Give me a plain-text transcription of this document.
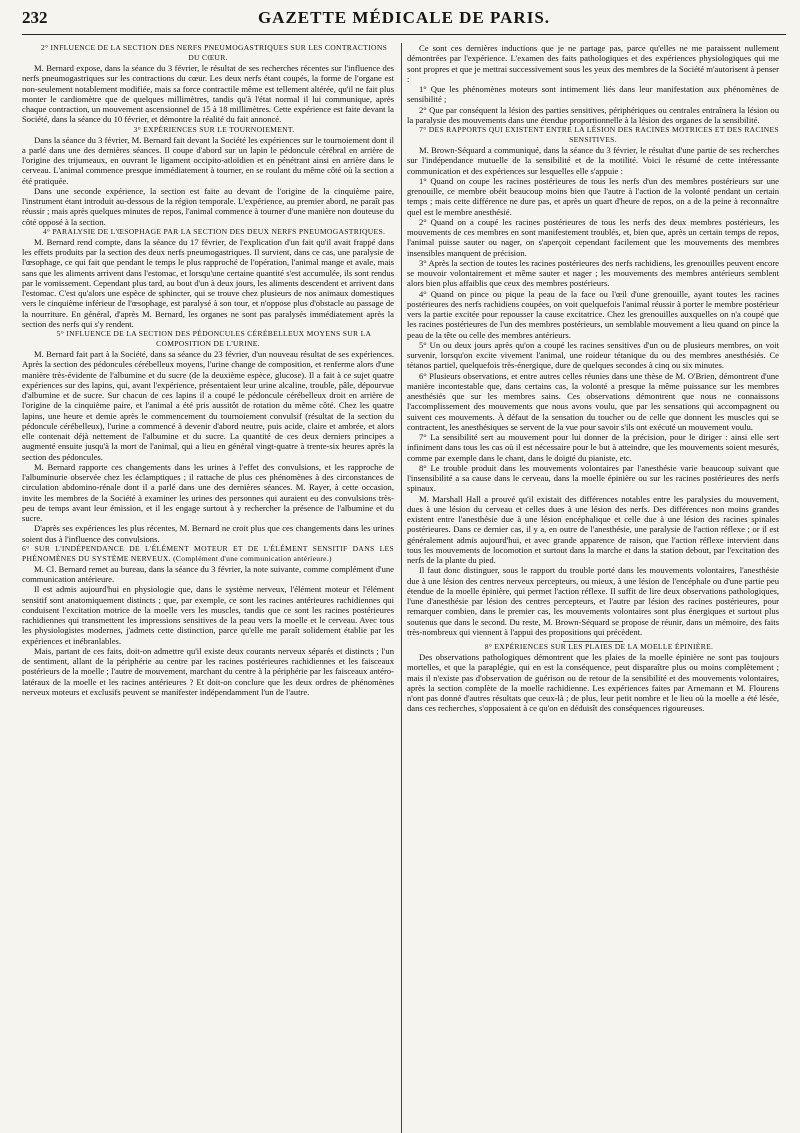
232	GAZETTE MÉDICALE DE PARIS.

2° INFLUENCE DE LA SECTION DES NERFS PNEUMOGASTRIQUES SUR LES CONTRACTIONS DU CŒUR.

M. Bernard expose, dans la séance du 3 février, le résultat de ses recherches récentes sur l'influence des nerfs pneumogastriques sur les contractions du cœur. Les deux nerfs étant coupés, la forme de l'organe est non-seulement notablement modifiée, mais sa force contractile même est tellement altérée, qu'il ne fait plus monter le cardiomètre que de quelques millimètres, tandis qu'à l'état normal il lui communique, après chaque contraction, un mouvement ascensionnel de 15 à 18 millimètres. Cette expérience est faite devant la Société, dans la séance du 10 février, et démontre la réalité du fait annoncé.

3° EXPÉRIENCES SUR LE TOURNOIEMENT.

Dans la séance du 3 février, M. Bernard fait devant la Société les expériences sur le tournoiement dont il a parlé dans une des dernières séances. Il coupe d'abord sur un lapin le pédoncule cérébral en arrière de l'origine des trijumeaux, en ouvrant le ligament occipito-atloïdien et en pénétrant ainsi en arrière dans le cerveau. L'animal commence presque immédiatement à tourner, en se roulant du même côté où la section a été pratiquée.

Dans une seconde expérience, la section est faite au devant de l'origine de la cinquième paire, l'instrument étant introduit au-dessous de la région temporale. L'expérience, au premier abord, ne paraît pas réussir ; mais après quelques minutes de repos, l'animal commence à tourner d'une manière non douteuse du côté opposé à la section.

4° PARALYSIE DE L'ŒSOPHAGE PAR LA SECTION DES DEUX NERFS PNEUMOGASTRIQUES.

M. Bernard rend compte, dans la séance du 17 février, de l'explication d'un fait qu'il avait frappé dans les effets produits par la section des deux nerfs pneumogastriques. Il survient, dans ce cas, une paralysie de l'œsophage, ce qui fait que pendant le temps le plus rapproché de l'opération, l'animal mange et avale, mais sans que les aliments arrivent dans l'estomac, et lorsqu'une certaine quantité s'est accumulée, ils sont rendus par le vomissement. Cependant plus tard, au bout d'un à deux jours, les aliments descendent et arrivent dans l'estomac. C'est qu'alors une espèce de sphincter, qui se trouve chez plusieurs de nos animaux domestiques vers le cinquième inférieur de l'œsophage, est paralysé à son tour, et n'oppose plus d'obstacle au passage de la nourriture. En général, d'après M. Bernard, les organes ne sont pas paralysés immédiatement après la section des nerfs qui s'y rendent.

5° INFLUENCE DE LA SECTION DES PÉDONCULES CÉRÉBELLEUX MOYENS SUR LA COMPOSITION DE L'URINE.

M. Bernard fait part à la Société, dans sa séance du 23 février, d'un nouveau résultat de ses expériences. Après la section des pédoncules cérébelleux moyens, l'urine change de composition, et renferme alors d'une manière très-évidente de l'albumine et du sucre (de la deuxième espèce, glucose). Il a fait à ce sujet quatre expériences sur des lapins, qui, avant l'expérience, présentaient leur urine alcaline, trouble, pâle, dépourvue d'albumine et de sucre. Sur chacun de ces lapins il a coupé le pédoncule cérébelleux droit en arrière de l'origine de la cinquième paire, et l'animal a été pris aussitôt de rotation du même côté. Chez les quatre lapins, une heure et demie après le commencement du tournoiement convulsif (résultat de la section du pédoncule cérébelleux), l'urine a commencé à devenir d'abord neutre, puis acide, claire et ambrée, et alors elle contenait déjà nettement de l'albumine et du sucre. La quantité de ces deux derniers principes a augmenté ensuite jusqu'à la mort de l'animal, qui a lieu en général vingt-quatre à trente-six heures après la section des pédoncules.

M. Bernard rapporte ces changements dans les urines à l'effet des convulsions, et les rapproche de l'albuminurie observée chez les éclamptiques ; il rattache de plus ces phénomènes à des circonstances de circulation abdomino-rénale dont il a parlé dans une des dernières séances. M. Rayer, à cette occasion, invite les membres de la Société à examiner les urines des personnes qui auraient eu des convulsions très-peu de temps avant leur émission, et il les engage surtout à y rechercher la présence de l'albumine et du sucre.

D'après ses expériences les plus récentes, M. Bernard ne croit plus que ces changements dans les urines soient dus à l'influence des convulsions.

6° SUR L'INDÉPENDANCE DE L'ÉLÉMENT MOTEUR ET DE L'ÉLÉMENT SENSITIF DANS LES PHÉNOMÈNES DU SYSTÈME NERVEUX. (Complément d'une communication antérieure.)

M. Cl. Bernard remet au bureau, dans la séance du 3 février, la note suivante, comme complément d'une communication antérieure.

Il est admis aujourd'hui en physiologie que, dans le système nerveux, l'élément moteur et l'élément sensitif sont anatomiquement distincts ; que, par exemple, ce sont les racines antérieures rachidiennes qui conduisent l'excitation motrice de la moelle vers les muscles, tandis que ce sont les racines postérieures rachidiennes qui transmettent les impressions sensitives de la peau vers la moelle et le cerveau. Avec tous les physiologistes modernes, j'admets cette distinction, parce qu'elle me paraît solidement établie par les expériences et inébranlables.

Mais, partant de ces faits, doit-on admettre qu'il existe deux courants nerveux séparés et distincts ; l'un de sentiment, allant de la périphérie au centre par les racines postérieures rachidiennes et les faisceaux postérieurs de la moelle ; l'autre de mouvement, marchant du centre à la périphérie par les faisceaux antéro-latéraux de la moelle et les racines antérieures ? Et doit-on conclure que les deux ordres de phénomènes nerveux moteurs et exclusifs peuvent se manifester indépendamment l'un de l'autre.

Ce sont ces dernières inductions que je ne partage pas, parce qu'elles ne me paraissent nullement démontrées par l'expérience. L'examen des faits pathologiques et des expériences physiologiques qui me sont propres et que je mettrai successivement sous les yeux des membres de la Société m'autorisent à penser :

1° Que les phénomènes moteurs sont intimement liés dans leur manifestation aux phénomènes de sensibilité ;

2° Que par conséquent la lésion des parties sensitives, périphériques ou centrales entraînera la lésion ou la paralysie des mouvements dans une étendue proportionnelle à la lésion des organes de la sensibilité.

7° DES RAPPORTS QUI EXISTENT ENTRE LA LÉSION DES RACINES MOTRICES ET DES RACINES SENSITIVES.

M. Brown-Séquard a communiqué, dans la séance du 3 février, le résultat d'une partie de ses recherches sur l'indépendance mutuelle de la sensibilité et de la motilité. Voici le résumé de cette intéressante communication et des expériences sur lesquelles elle s'appuie :

1° Quand on coupe les racines postérieures de tous les nerfs d'un des membres postérieurs sur une grenouille, ce membre obéit beaucoup moins bien que l'autre à l'action de la volonté pendant un certain temps ; mais cette différence ne dure pas, et après un quart d'heure de repos, on a de la peine à reconnaître quel est le membre anesthésié.

2° Quand on a coupé les racines postérieures de tous les nerfs des deux membres postérieurs, les mouvements de ces membres en sont manifestement troublés, et, bien que, après un certain temps de repos, l'animal puisse sauter ou nager, on s'aperçoit cependant facilement que les mouvements des membres insensibles manquent de précision.

3° Après la section de toutes les racines postérieures des nerfs rachidiens, les grenouilles peuvent encore se mouvoir volontairement et même sauter et nager ; les mouvements des membres antérieurs semblent alors bien plus affaiblis que ceux des membres postérieurs.

4° Quand on pince ou pique la peau de la face ou l'œil d'une grenouille, ayant toutes les racines postérieures des nerfs rachidiens coupées, on voit quelquefois l'animal réussir à porter le membre postérieur vers la partie excitée pour repousser la cause excitatrice. Chez les grenouilles auxquelles on n'a coupé que les racines postérieures de l'un des membres postérieurs, un semblable mouvement a lieu quand on pince la peau de la tête ou celle des membres antérieurs.

5° Un ou deux jours après qu'on a coupé les racines sensitives d'un ou de plusieurs membres, on voit survenir, lorsqu'on excite vivement l'animal, une roideur tétanique du ou des membres anesthésiés. Ce tétanos partiel, quelquefois très-énergique, dure de quelques secondes à cinq ou six minutes.

6° Plusieurs observations, et entre autres celles réunies dans une thèse de M. O'Brien, démontrent d'une manière incontestable que, dans certains cas, la volonté a presque la même puissance sur les membres anesthésiés que sur les membres sains. Ces observations démontrent que nous ne connaissons l'accomplissement des mouvements que nous avons voulu, que par les sensations qui accompagnent ou suivent ces mouvements. À défaut de la sensation du toucher ou de celle que donnent les muscles qui se contractent, les anesthésiques se servent de la vue pour savoir s'ils ont exécuté un mouvement voulu.

7° La sensibilité sert au mouvement pour lui donner de la précision, pour le diriger : ainsi elle sert infiniment dans tous les cas où il est nécessaire pour le but à atteindre, que les mouvements soient mesurés, comme par exemple dans le chant, dans le doigté du pianiste, etc.

8° Le trouble produit dans les mouvements volontaires par l'anesthésie varie beaucoup suivant que l'insensibilité a sa cause dans le cerveau, dans la moelle épinière ou sur les racines postérieures des nerfs spinaux.

M. Marshall Hall a prouvé qu'il existait des différences notables entre les paralysies du mouvement, dues à une lésion du cerveau et celles dues à une lésion des nerfs. Des différences non moins grandes existent entre l'anesthésie due à une lésion encéphalique et celle due à une lésion des racines spinales postérieures. Dans ce dernier cas, il y a, en outre de l'anesthésie, une paralysie de l'action réflexe ; or il est généralement admis aujourd'hui, et avec grande apparence de raison, que l'action réflexe intervient dans tous les mouvements de locomotion et surtout dans la marche et dans la station debout, par l'excitation des nerfs de la plante du pied.

Il faut donc distinguer, sous le rapport du trouble porté dans les mouvements volontaires, l'anesthésie due à une lésion des centres nerveux percepteurs, ou mieux, à une lésion de l'encéphale ou d'une partie peu étendue de la moelle épinière, qui permet l'action réflexe. Il suffit de lire deux observations pathologiques, l'une d'anesthésie par lésion des centres percepteurs, et l'autre par lésion des racines postérieures, pour remarquer combien, dans le premier cas, les mouvements volontaires sont plus énergiques et surtout plus soutenus que dans le second. Du reste, M. Brown-Séquard se propose de réunir, dans un mémoire, des faits très-nombreux qui viennent à l'appui des propositions qui précèdent.

8° EXPÉRIENCES SUR LES PLAIES DE LA MOELLE ÉPINIÈRE.

Des observations pathologiques démontrent que les plaies de la moelle épinière ne sont pas toujours mortelles, et que la paraplégie, qui en est la conséquence, peut disparaître plus ou moins complètement ; mais il n'existe pas d'observation de guérison ou de retour de la sensibilité et des mouvements volontaires, après la section complète de la moelle rachidienne. Les expériences faites par Arnemann et M. Flourens n'ont pas donné d'autres résultats que ceux-là ; de plus, leur petit nombre et le lieu où la moelle a été lésée, dans ces recherches, s'opposaient à ce qu'on en déduisît des conséquences rigoureuses.
